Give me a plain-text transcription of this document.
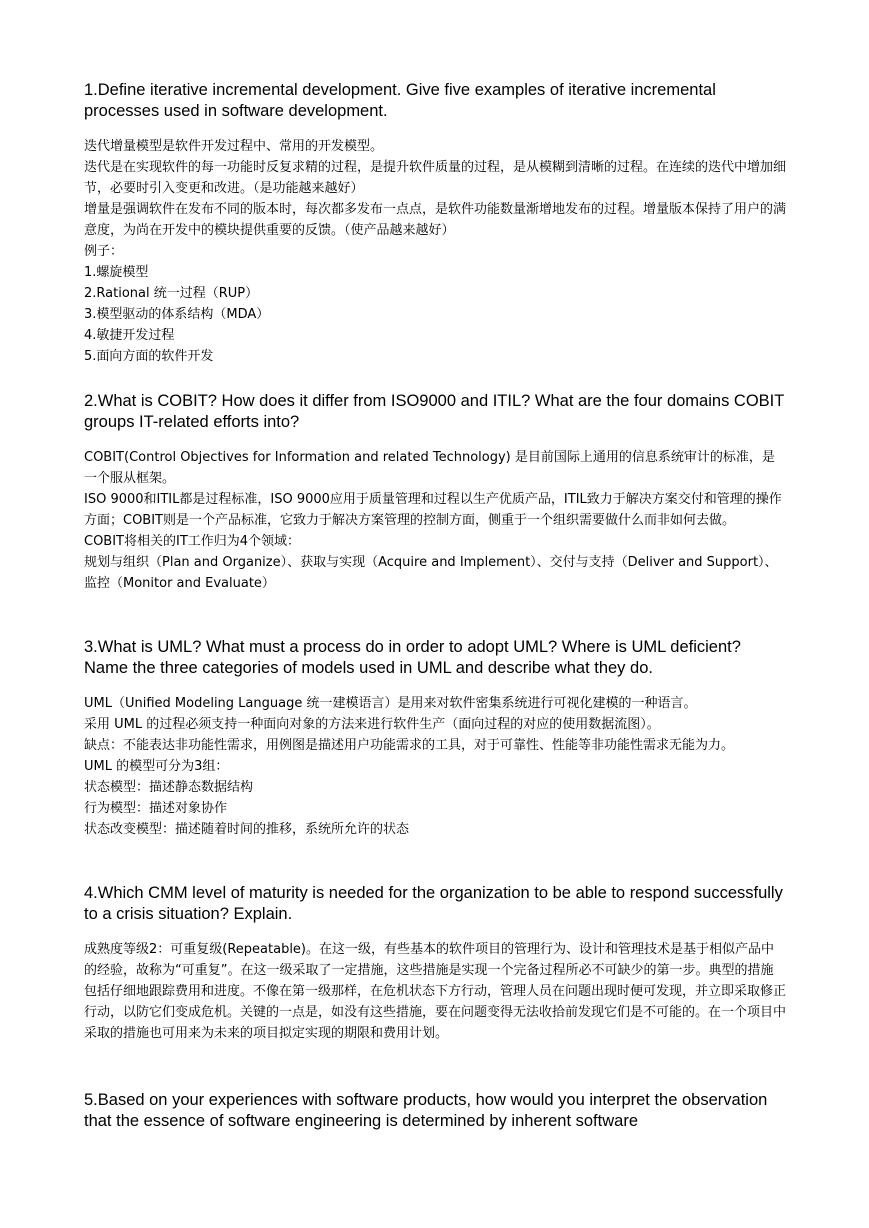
1.Define iterative incremental development. Give five examples of iterative incremental processes used in software development.

迭代增量模型是软件开发过程中、常用的开发模型。

迭代是在实现软件的每一功能时反复求精的过程，是提升软件质量的过程，是从模糊到清晰的过程。在连续的迭代中增加细节，必要时引入变更和改进。（是功能越来越好）

增量是强调软件在发布不同的版本时，每次都多发布一点点，是软件功能数量渐增地发布的过程。增量版本保持了用户的满意度，为尚在开发中的模块提供重要的反馈。（使产品越来越好）

例子：

1.螺旋模型

2.Rational 统一过程（RUP）

3.模型驱动的体系结构（MDA）

4.敏捷开发过程

5.面向方面的软件开发

2.What is COBIT? How does it differ from ISO9000 and ITIL? What are the four domains COBIT groups IT-related efforts into?

COBIT(Control Objectives for Information and related Technology) 是目前国际上通用的信息系统审计的标准，是一个服从框架。

ISO 9000和ITIL都是过程标准，ISO 9000应用于质量管理和过程以生产优质产品，ITIL致力于解决方案交付和管理的操作方面；COBIT则是一个产品标准，它致力于解决方案管理的控制方面，侧重于一个组织需要做什么而非如何去做。

COBIT将相关的IT工作归为4个领域：

规划与组织（Plan and Organize）、获取与实现（Acquire and Implement）、交付与支持（Deliver and Support）、监控（Monitor and Evaluate）

3.What is UML? What must a process do in order to adopt UML? Where is UML deficient? Name the three categories of models used in UML and describe what they do.

UML（Unified Modeling Language 统一建模语言）是用来对软件密集系统进行可视化建模的一种语言。

采用 UML 的过程必须支持一种面向对象的方法来进行软件生产（面向过程的对应的使用数据流图）。

缺点：不能表达非功能性需求，用例图是描述用户功能需求的工具，对于可靠性、性能等非功能性需求无能为力。

UML 的模型可分为3组：

状态模型：描述静态数据结构

行为模型：描述对象协作

状态改变模型：描述随着时间的推移，系统所允许的状态

4.Which CMM level of maturity is needed for the organization to be able to respond successfully to a crisis situation? Explain.

成熟度等级2：可重复级(Repeatable)。在这一级，有些基本的软件项目的管理行为、设计和管理技术是基于相似产品中的经验，故称为“可重复”。在这一级采取了一定措施，这些措施是实现一个完备过程所必不可缺少的第一步。典型的措施包括仔细地跟踪费用和进度。不像在第一级那样，在危机状态下方行动，管理人员在问题出现时便可发现，并立即采取修正行动，以防它们变成危机。关键的一点是，如没有这些措施，要在问题变得无法收拾前发现它们是不可能的。在一个项目中采取的措施也可用来为未来的项目拟定实现的期限和费用计划。

5.Based on your experiences with software products, how would you interpret the observation that the essence of software engineering is determined by inherent software
